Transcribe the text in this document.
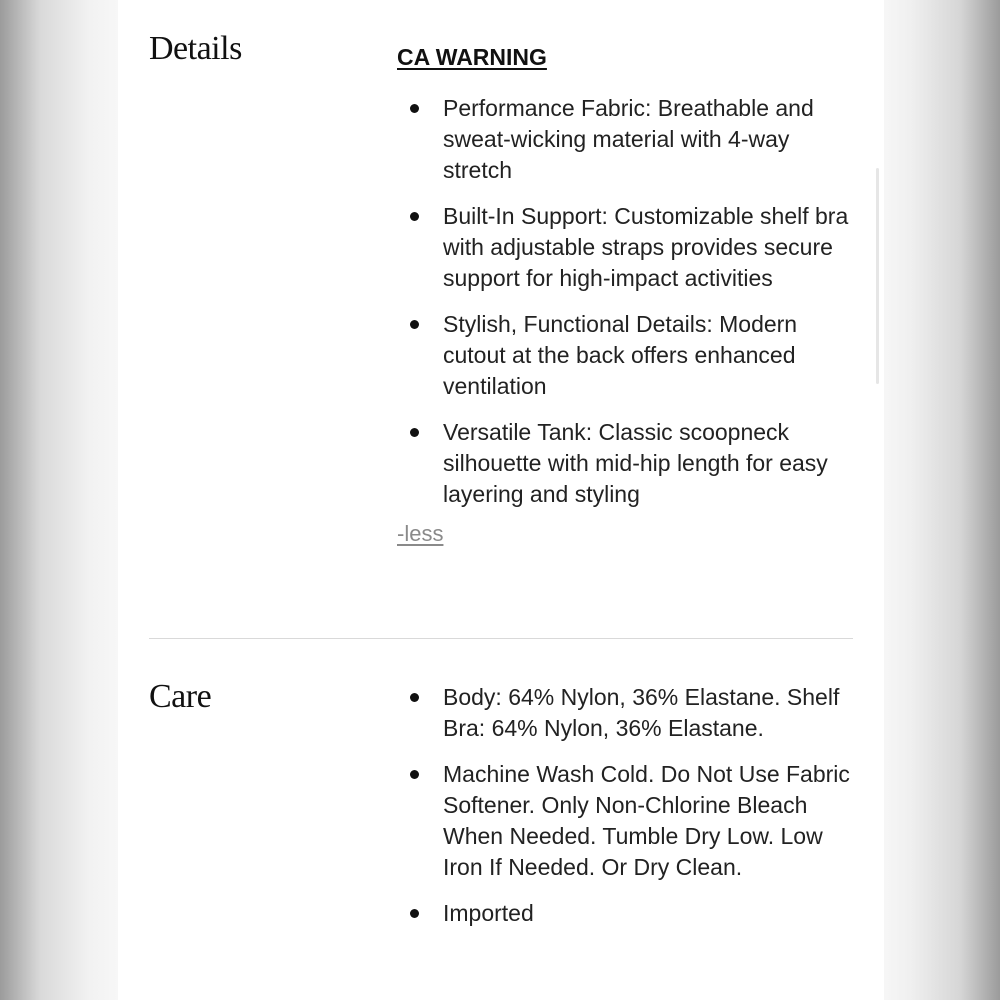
Details	CA WARNING
Performance Fabric: Breathable and sweat-wicking material with 4-way stretch
Built-In Support: Customizable shelf bra with adjustable straps provides secure support for high-impact activities
Stylish, Functional Details: Modern cutout at the back offers enhanced ventilation
Versatile Tank: Classic scoopneck silhouette with mid-hip length for easy layering and styling
-less
Care	Body: 64% Nylon, 36% Elastane. Shelf Bra: 64% Nylon, 36% Elastane.
Machine Wash Cold. Do Not Use Fabric Softener. Only Non-Chlorine Bleach When Needed. Tumble Dry Low. Low Iron If Needed. Or Dry Clean.
Imported
